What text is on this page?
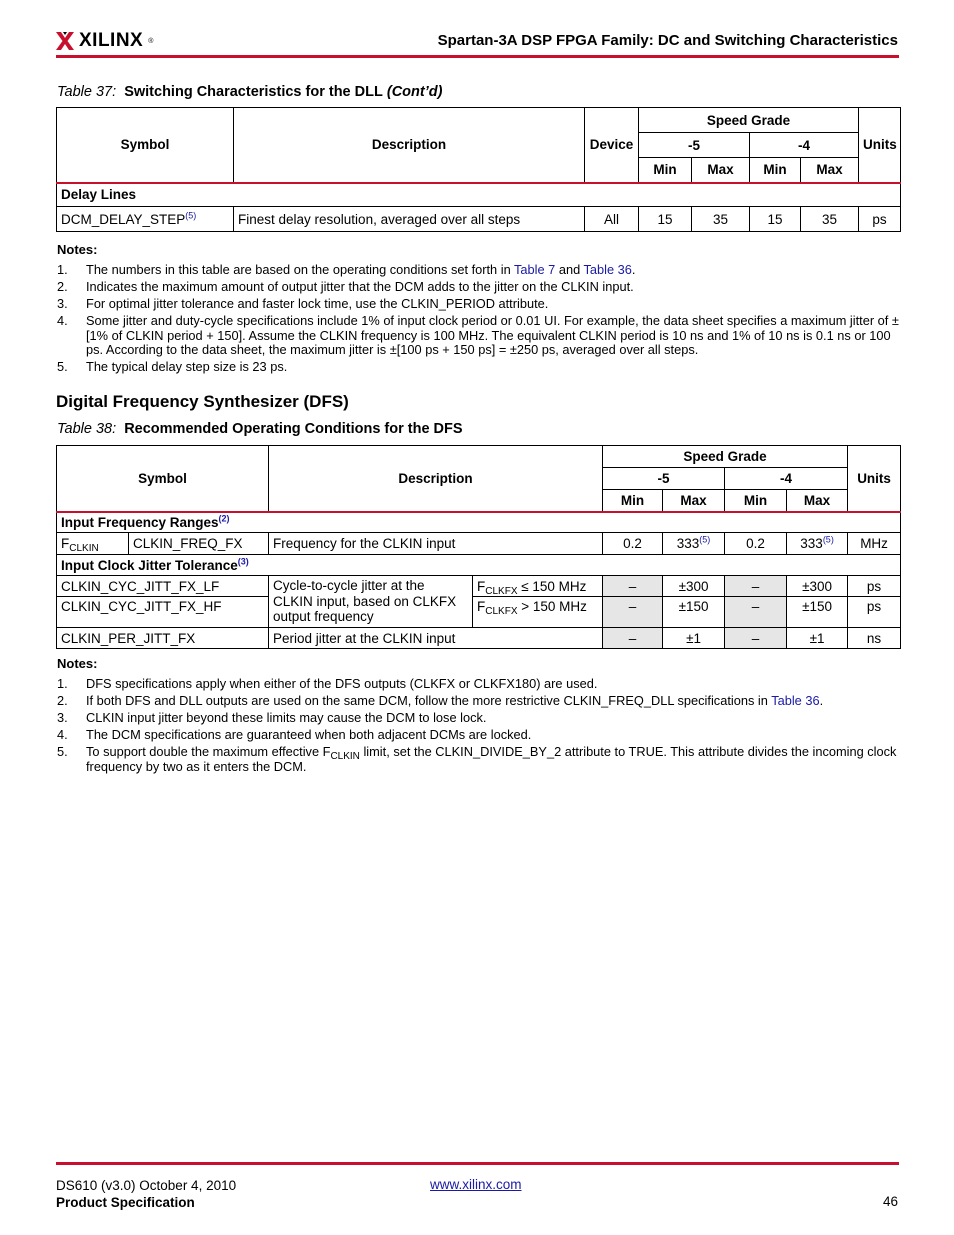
XILINX ®	Spartan-3A DSP FPGA Family: DC and Switching Characteristics
Table 37: Switching Characteristics for the DLL (Cont’d)
Symbol	Description	Device	Speed Grade				Units
			-5		-4		
			Min	Max	Min	Max	
Delay Lines							
DCM_DELAY_STEP$^{(5)}$	Finest delay resolution, averaged over all steps	All	15	35	15	35	ps
Notes:
1.	The numbers in this table are based on the operating conditions set forth in Table 7 and Table 36.
2.	Indicates the maximum amount of output jitter that the DCM adds to the jitter on the CLKIN input.
3.	For optimal jitter tolerance and faster lock time, use the CLKIN_PERIOD attribute.
4.	Some jitter and duty-cycle specifications include 1% of input clock period or 0.01 UI. For example, the data sheet specifies a maximum jitter of ±[1% of CLKIN period + 150]. Assume the CLKIN frequency is 100 MHz. The equivalent CLKIN period is 10 ns and 1% of 10 ns is 0.1 ns or 100 ps. According to the data sheet, the maximum jitter is ±[100 ps + 150 ps] = ±250 ps, averaged over all steps.
5.	The typical delay step size is 23 ps.
Digital Frequency Synthesizer (DFS)
Table 38: Recommended Operating Conditions for the DFS
Symbol		Description		Speed Grade				Units
				-5		-4		
				Min	Max	Min	Max	
Input Frequency Ranges$^{(2)}$
$F_{CLKIN}$	CLKIN_FREQ_FX	Frequency for the CLKIN input		0.2	333$^{(5)}$	0.2	333$^{(5)}$	MHz
Input Clock Jitter Tolerance$^{(3)}$
CLKIN_CYC_JITT_FX_LF		Cycle-to-cycle jitter at the CLKIN input, based on CLKFX output frequency	$F_{CLKFX} \le 150$ MHz	–	±300	–	±300	ps
CLKIN_CYC_JITT_FX_HF			$F_{CLKFX} > 150$ MHz	–	±150	–	±150	ps
CLKIN_PER_JITT_FX		Period jitter at the CLKIN input		–	±1	–	±1	ns
Notes:
1.	DFS specifications apply when either of the DFS outputs (CLKFX or CLKFX180) are used.
2.	If both DFS and DLL outputs are used on the same DCM, follow the more restrictive CLKIN_FREQ_DLL specifications in Table 36.
3.	CLKIN input jitter beyond these limits may cause the DCM to lose lock.
4.	The DCM specifications are guaranteed when both adjacent DCMs are locked.
5.	To support double the maximum effective $F_{CLKIN}$ limit, set the CLKIN_DIVIDE_BY_2 attribute to TRUE. This attribute divides the incoming clock frequency by two as it enters the DCM.
DS610 (v3.0) October 4, 2010
Product Specification
www.xilinx.com
46
